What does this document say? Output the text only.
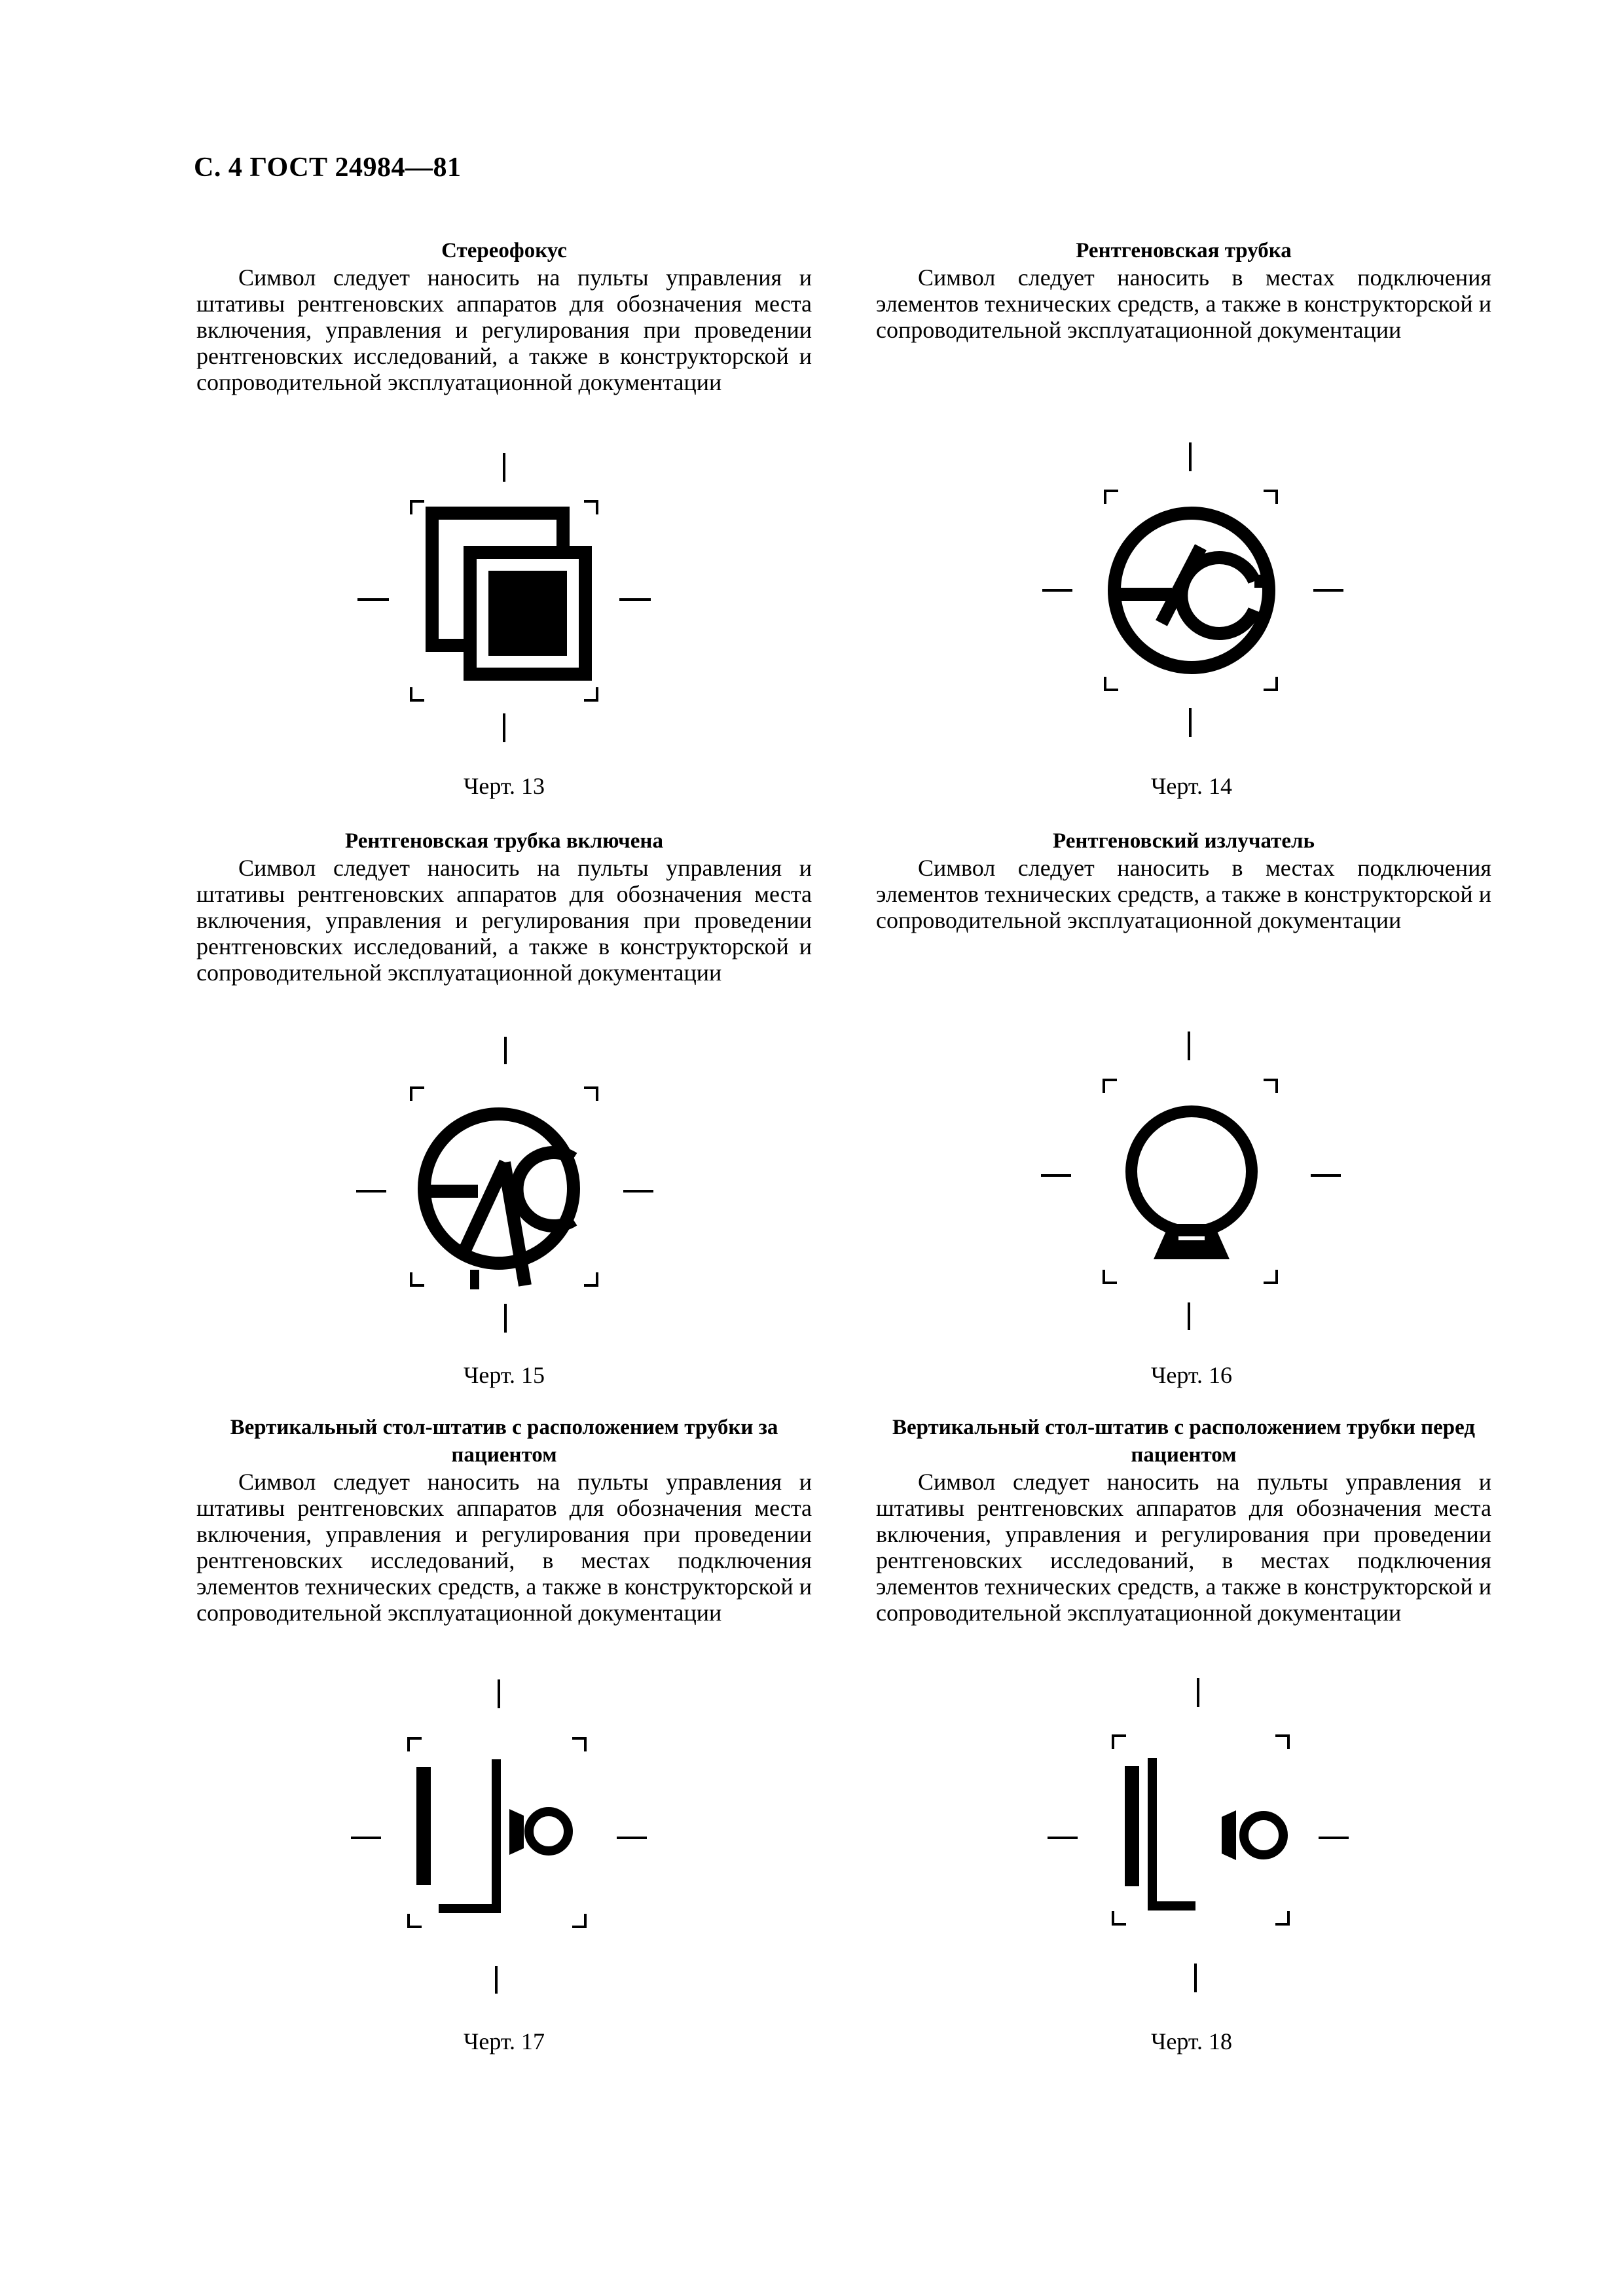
С. 4 ГОСТ 24984—81

Стереофокус

Символ следует наносить на пульты управления и штативы рентгеновских аппаратов для обозначения места включения, управления и регулирования при проведении рентгеновских исследований, а также в конструкторской и сопроводительной эксплуатационной документации

Черт. 13

Рентгеновская трубка

Символ следует наносить в местах подключения элементов технических средств, а также в конструкторской и сопроводительной эксплуатационной документации

Черт. 14

Рентгеновская трубка включена

Символ следует наносить на пульты управления и штативы рентгеновских аппаратов для обозначения места включения, управления и регулирования при проведении рентгеновских исследований, а также в конструкторской и сопроводительной эксплуатационной документации

Черт. 15

Рентгеновский излучатель

Символ следует наносить в местах подключения элементов технических средств, а также в конструкторской и сопроводительной эксплуатационной документации

Черт. 16

Вертикальный стол-штатив с расположением трубки за пациентом

Символ следует наносить на пульты управления и штативы рентгеновских аппаратов для обозначения места включения, управления и регулирования при проведении рентгеновских исследований, в местах подключения элементов технических средств, а также в конструкторской и сопроводительной эксплуатационной документации

Черт. 17

Вертикальный стол-штатив с расположением трубки перед пациентом

Символ следует наносить на пульты управления и штативы рентгеновских аппаратов для обозначения места включения, управления и регулирования при проведении рентгеновских исследований, в местах подключения элементов технических средств, а также в конструкторской и сопроводительной эксплуатационной документации

Черт. 18
